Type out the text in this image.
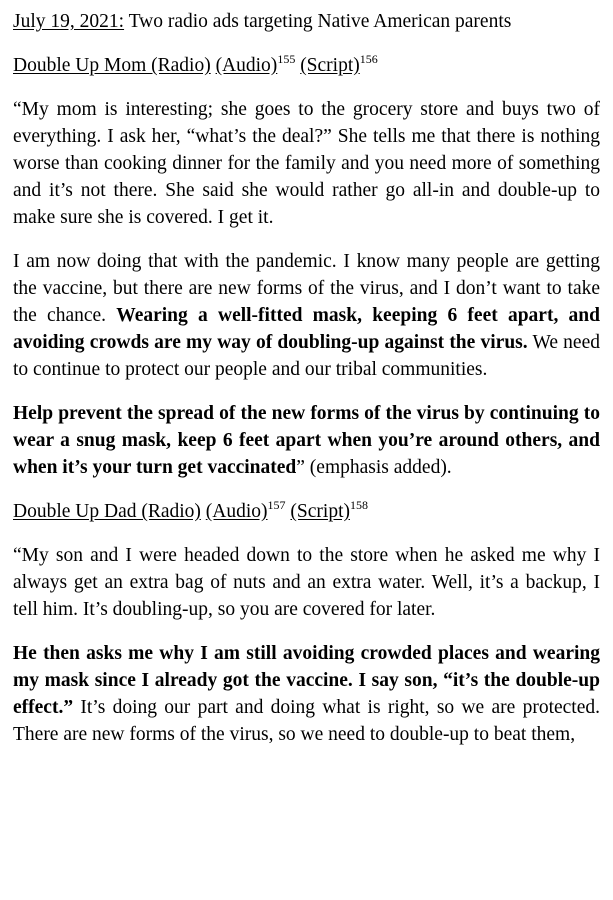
July 19, 2021: Two radio ads targeting Native American parents

Double Up Mom (Radio) (Audio)$^{155}$ (Script)$^{156}$

“My mom is interesting; she goes to the grocery store and buys two of everything. I ask her, “what’s the deal?” She tells me that there is nothing worse than cooking dinner for the family and you need more of something and it’s not there. She said she would rather go all-in and double-up to make sure she is covered. I get it.

I am now doing that with the pandemic. I know many people are getting the vaccine, but there are new forms of the virus, and I don’t want to take the chance. Wearing a well-fitted mask, keeping 6 feet apart, and avoiding crowds are my way of doubling-up against the virus. We need to continue to protect our people and our tribal communities.

Help prevent the spread of the new forms of the virus by continuing to wear a snug mask, keep 6 feet apart when you’re around others, and when it’s your turn get vaccinated” (emphasis added).

Double Up Dad (Radio) (Audio)$^{157}$ (Script)$^{158}$

“My son and I were headed down to the store when he asked me why I always get an extra bag of nuts and an extra water. Well, it’s a backup, I tell him. It’s doubling-up, so you are covered for later.

He then asks me why I am still avoiding crowded places and wearing my mask since I already got the vaccine. I say son, “it’s the double-up effect.” It’s doing our part and doing what is right, so we are protected. There are new forms of the virus, so we need to double-up to beat them,
